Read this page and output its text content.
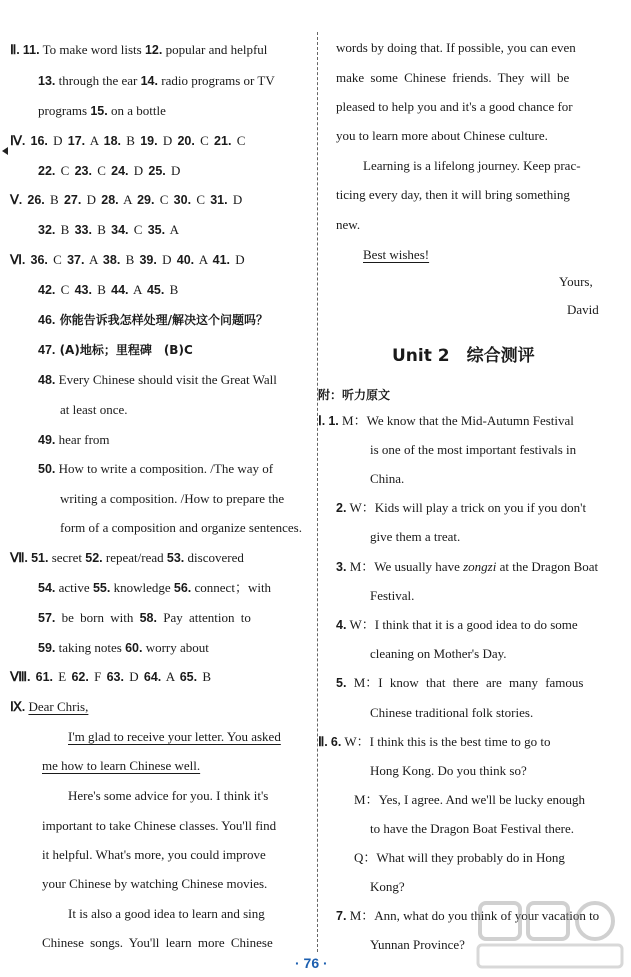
Ⅱ. 11. To make word lists 12. popular and helpful
13. through the ear 14. radio programs or TV
programs 15. on a bottle
Ⅳ. 16. D 17. A 18. B 19. D 20. C 21. C
22. C 23. C 24. D 25. D
Ⅴ. 26. B 27. D 28. A 29. C 30. C 31. D
32. B 33. B 34. C 35. A
Ⅵ. 36. C 37. A 38. B 39. D 40. A 41. D
42. C 43. B 44. A 45. B
46. 你能告诉我怎样处理/解决这个问题吗？
47. (A)地标；里程碑　(B)C
48. Every Chinese should visit the Great Wall
at least once.
49. hear from
50. How to write a composition. /The way of
writing a composition. /How to prepare the
form of a composition and organize sentences.
Ⅶ. 51. secret 52. repeat/read 53. discovered
54. active 55. knowledge 56. connect；with
57. be born with 58. Pay attention to
59. taking notes 60. worry about
Ⅷ. 61. E 62. F 63. D 64. A 65. B
Ⅸ. Dear Chris,
I'm glad to receive your letter. You asked
me how to learn Chinese well.
Here's some advice for you. I think it's
important to take Chinese classes. You'll find
it helpful. What's more, you could improve
your Chinese by watching Chinese movies.
It is also a good idea to learn and sing
Chinese songs. You'll learn more Chinese
words by doing that. If possible, you can even
make some Chinese friends. They will be
pleased to help you and it's a good chance for
you to learn more about Chinese culture.
Learning is a lifelong journey. Keep prac-
ticing every day, then it will bring something
new.
Best wishes!
Yours,
David
Unit 2　综合测评
附：听力原文
Ⅰ. 1. M：We know that the Mid-Autumn Festival
is one of the most important festivals in
China.
2. W：Kids will play a trick on you if you don't
give them a treat.
3. M：We usually have zongzi at the Dragon Boat
Festival.
4. W：I think that it is a good idea to do some
cleaning on Mother's Day.
5. M：I know that there are many famous
Chinese traditional folk stories.
Ⅱ. 6. W：I think this is the best time to go to
Hong Kong. Do you think so?
M：Yes, I agree. And we'll be lucky enough
to have the Dragon Boat Festival there.
Q：What will they probably do in Hong
Kong?
7. M：Ann, what do you think of your vacation to
Yunnan Province?
· 76 ·
